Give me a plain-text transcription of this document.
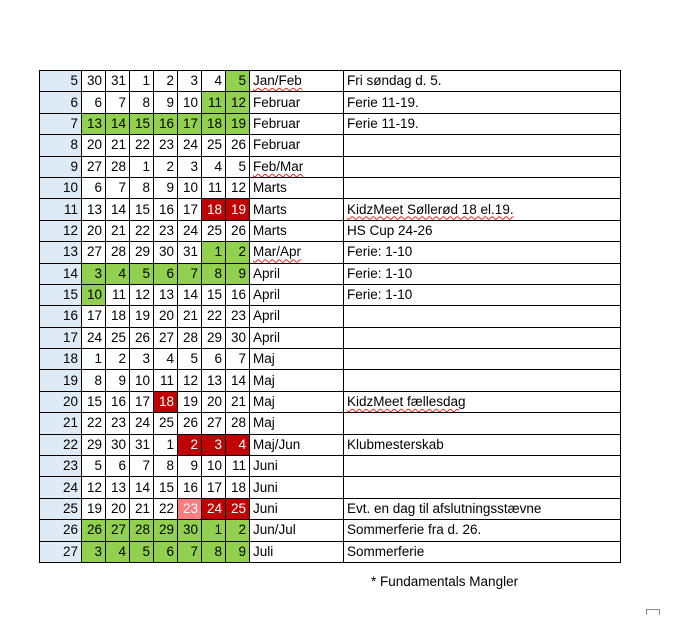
5	30	31	1	2	3	4	5	Jan/Feb	Fri søndag d. 5.
6	6	7	8	9	10	11	12	Februar	Ferie 11-19.
7	13	14	15	16	17	18	19	Februar	Ferie 11-19.
8	20	21	22	23	24	25	26	Februar	
9	27	28	1	2	3	4	5	Feb/Mar	
10	6	7	8	9	10	11	12	Marts	
11	13	14	15	16	17	18	19	Marts	KidzMeet Søllerød 18 el.19.
12	20	21	22	23	24	25	26	Marts	HS Cup 24-26
13	27	28	29	30	31	1	2	Mar/Apr	Ferie: 1-10
14	3	4	5	6	7	8	9	April	Ferie: 1-10
15	10	11	12	13	14	15	16	April	Ferie: 1-10
16	17	18	19	20	21	22	23	April	
17	24	25	26	27	28	29	30	April	
18	1	2	3	4	5	6	7	Maj	
19	8	9	10	11	12	13	14	Maj	
20	15	16	17	18	19	20	21	Maj	KidzMeet fællesdag
21	22	23	24	25	26	27	28	Maj	
22	29	30	31	1	2	3	4	Maj/Jun	Klubmesterskab
23	5	6	7	8	9	10	11	Juni	
24	12	13	14	15	16	17	18	Juni	
25	19	20	21	22	23	24	25	Juni	Evt. en dag til afslutningsstævne
26	26	27	28	29	30	1	2	Jun/Jul	Sommerferie fra d. 26.
27	3	4	5	6	7	8	9	Juli	Sommerferie
* Fundamentals Mangler
